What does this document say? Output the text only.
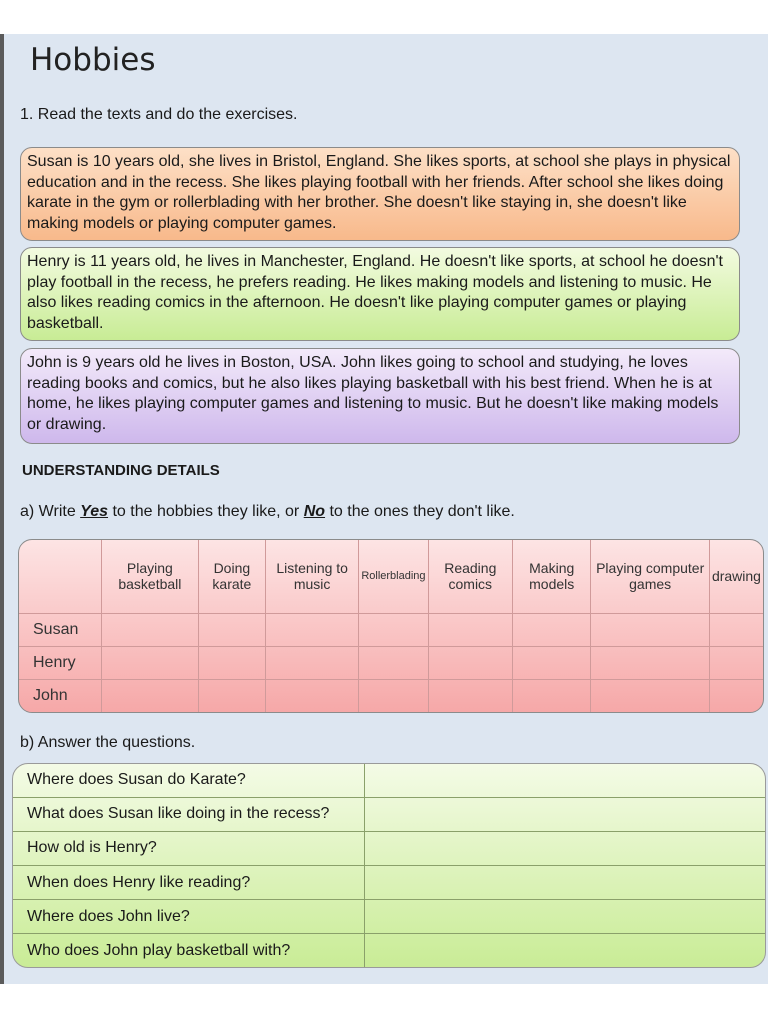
Hobbies
1. Read the texts and do the exercises.
Susan is 10 years old, she lives in Bristol, England. She likes sports, at school she plays in physical education and in the recess. She likes playing football with her friends. After school she likes doing karate in the gym or rollerblading with her brother. She doesn't like staying in, she doesn't like making models or playing computer games.
Henry is 11 years old, he lives in Manchester, England. He doesn't like sports, at school he doesn't play football in the recess, he prefers reading. He likes making models and listening to music. He also likes reading comics in the afternoon. He doesn't like playing computer games or playing basketball.
John is 9 years old he lives in Boston, USA. John likes going to school and studying, he loves reading books and comics, but he also likes playing basketball with his best friend. When he is at home, he likes playing computer games and listening to music. But he doesn't like making models or drawing.
UNDERSTANDING DETAILS
a) Write Yes to the hobbies they like, or No to the ones they don't like.
	Playing basketball	Doing karate	Listening to music	Rollerblading	Reading comics	Making models	Playing computer games	drawing
Susan								
Henry								
John								
b) Answer the questions.
Where does Susan do Karate?	
What does Susan like doing in the recess?	
How old is Henry?	
When does Henry like reading?	
Where does John live?	
Who does John play basketball with?	
